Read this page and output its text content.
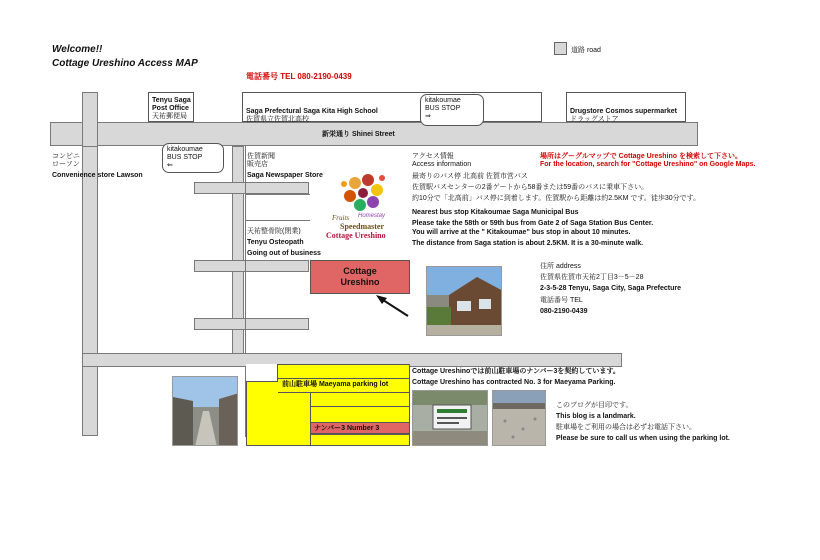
Welcome!!
Cottage Ureshino Access MAP
電話番号 TEL 080-2190-0439
道路 road
新栄通り Shinei Street
Tenyu Saga
Post Office
天祐郵便局
Saga Prefectural Saga Kita High School
佐賀県立佐賀北高校
kitakoumae
BUS STOP
⇒
Drugstore Cosmos supermarket
ドラッグストア
コンビニ
ローソン
Convenience store Lawson
kitakoumae
BUS STOP
⇐
佐賀新聞
販売店
Saga Newspaper Store
天祐整骨院(閉業)
Tenyu Osteopath
Going out of business
Homestay
Fruits
Speedmaster
Cottage Ureshino
Cottage
Ureshino
前山駐車場 Maeyama parking lot
ナンバー3 Number 3
アクセス情報
Access information
場所はグーグルマップで Cottage Ureshino を検索して下さい。
For the location, search for "Cottage Ureshino" on Google Maps.
最寄りのバス停 北高前 佐賀市営バス
佐賀駅バスセンターの2番ゲートから58番または59番のバスに乗車下さい。
約10分で「北高前」バス停に到着します。佐賀駅から距離は約2.5KM です。徒歩30分です。
Nearest bus stop Kitakoumae Saga Municipal Bus
Please take the 58th or 59th bus from Gate 2 of Saga Station Bus Center.
You will arrive at the " Kitakoumae" bus stop in about 10 minutes.
The distance from Saga station is about 2.5KM. It is a 30-minute walk.
住所 address
佐賀県佐賀市天祐2丁目3－5－28
2-3-5-28 Tenyu, Saga City, Saga Prefecture
電話番号 TEL
080-2190-0439
Cottage Ureshinoでは前山駐車場のナンバー3を契約しています。
Cottage Ureshino has contracted No. 3 for Maeyama Parking.
このブログが目印です。
This blog is a landmark.
駐車場をご利用の場合は必ずお電話下さい。
Please be sure to call us when using the parking lot.
